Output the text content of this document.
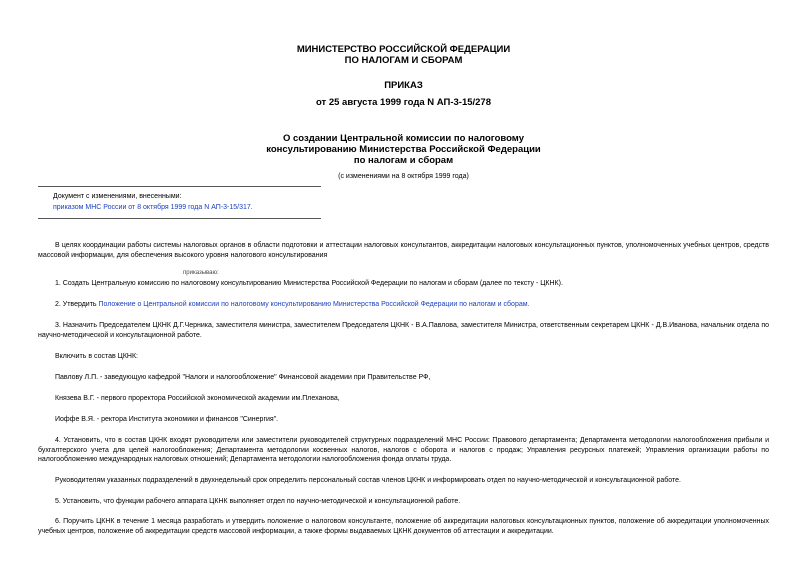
МИНИСТЕРСТВО РОССИЙСКОЙ ФЕДЕРАЦИИ
ПО НАЛОГАМ И СБОРАМ
ПРИКАЗ
от 25 августа 1999 года N АП-3-15/278
О создании Центральной комиссии по налоговому
консультированию Министерства Российской Федерации
по налогам и сборам
(с изменениями на 8 октября 1999 года)
Документ с изменениями, внесенными:
приказом МНС России от 8 октября 1999 года N АП-3-15/317.
В целях координации работы системы налоговых органов в области подготовки и аттестации налоговых консультантов, аккредитации налоговых консультационных пунктов, уполномоченных учебных центров, средств массовой информации, для обеспечения высокого уровня налогового консультирования
приказываю:
1. Создать Центральную комиссию по налоговому консультированию Министерства Российской Федерации по налогам и сборам (далее по тексту - ЦКНК).
2. Утвердить Положение о Центральной комиссии по налоговому консультированию Министерства Российской Федерации по налогам и сборам.
3. Назначить Председателем ЦКНК Д.Г.Черника, заместителя министра, заместителем Председателя ЦКНК - В.А.Павлова, заместителя Министра, ответственным секретарем ЦКНК - Д.В.Иванова, начальник отдела по научно-методической и консультационной работе.
Включить в состав ЦКНК:
Павлову Л.П. - заведующую кафедрой "Налоги и налогообложение" Финансовой академии при Правительстве РФ,
Князева В.Г. - первого проректора Российской экономической академии им.Плеханова,
Иоффе В.Я. - ректора Института экономики и финансов "Синергия".
4. Установить, что в состав ЦКНК входят руководители или заместители руководителей структурных подразделений МНС России: Правового департамента; Департамента методологии налогообложения прибыли и бухгалтерского учета для целей налогообложения; Департамента методологии косвенных налогов, налогов с оборота и налогов с продаж; Управления ресурсных платежей; Управления организации работы по налогообложению международных налоговых отношений; Департамента методологии налогообложения фонда оплаты труда.
Руководителям указанных подразделений в двухнедельный срок определить персональный состав членов ЦКНК и информировать отдел по научно-методической и консультационной работе.
5. Установить, что функции рабочего аппарата ЦКНК выполняет отдел по научно-методической и консультационной работе.
6. Поручить ЦКНК в течение 1 месяца разработать и утвердить положение о налоговом консультанте, положение об аккредитации налоговых консультационных пунктов, положение об аккредитации уполномоченных учебных центров, положение об аккредитации средств массовой информации, а также формы выдаваемых ЦКНК документов об аттестации и аккредитации.
